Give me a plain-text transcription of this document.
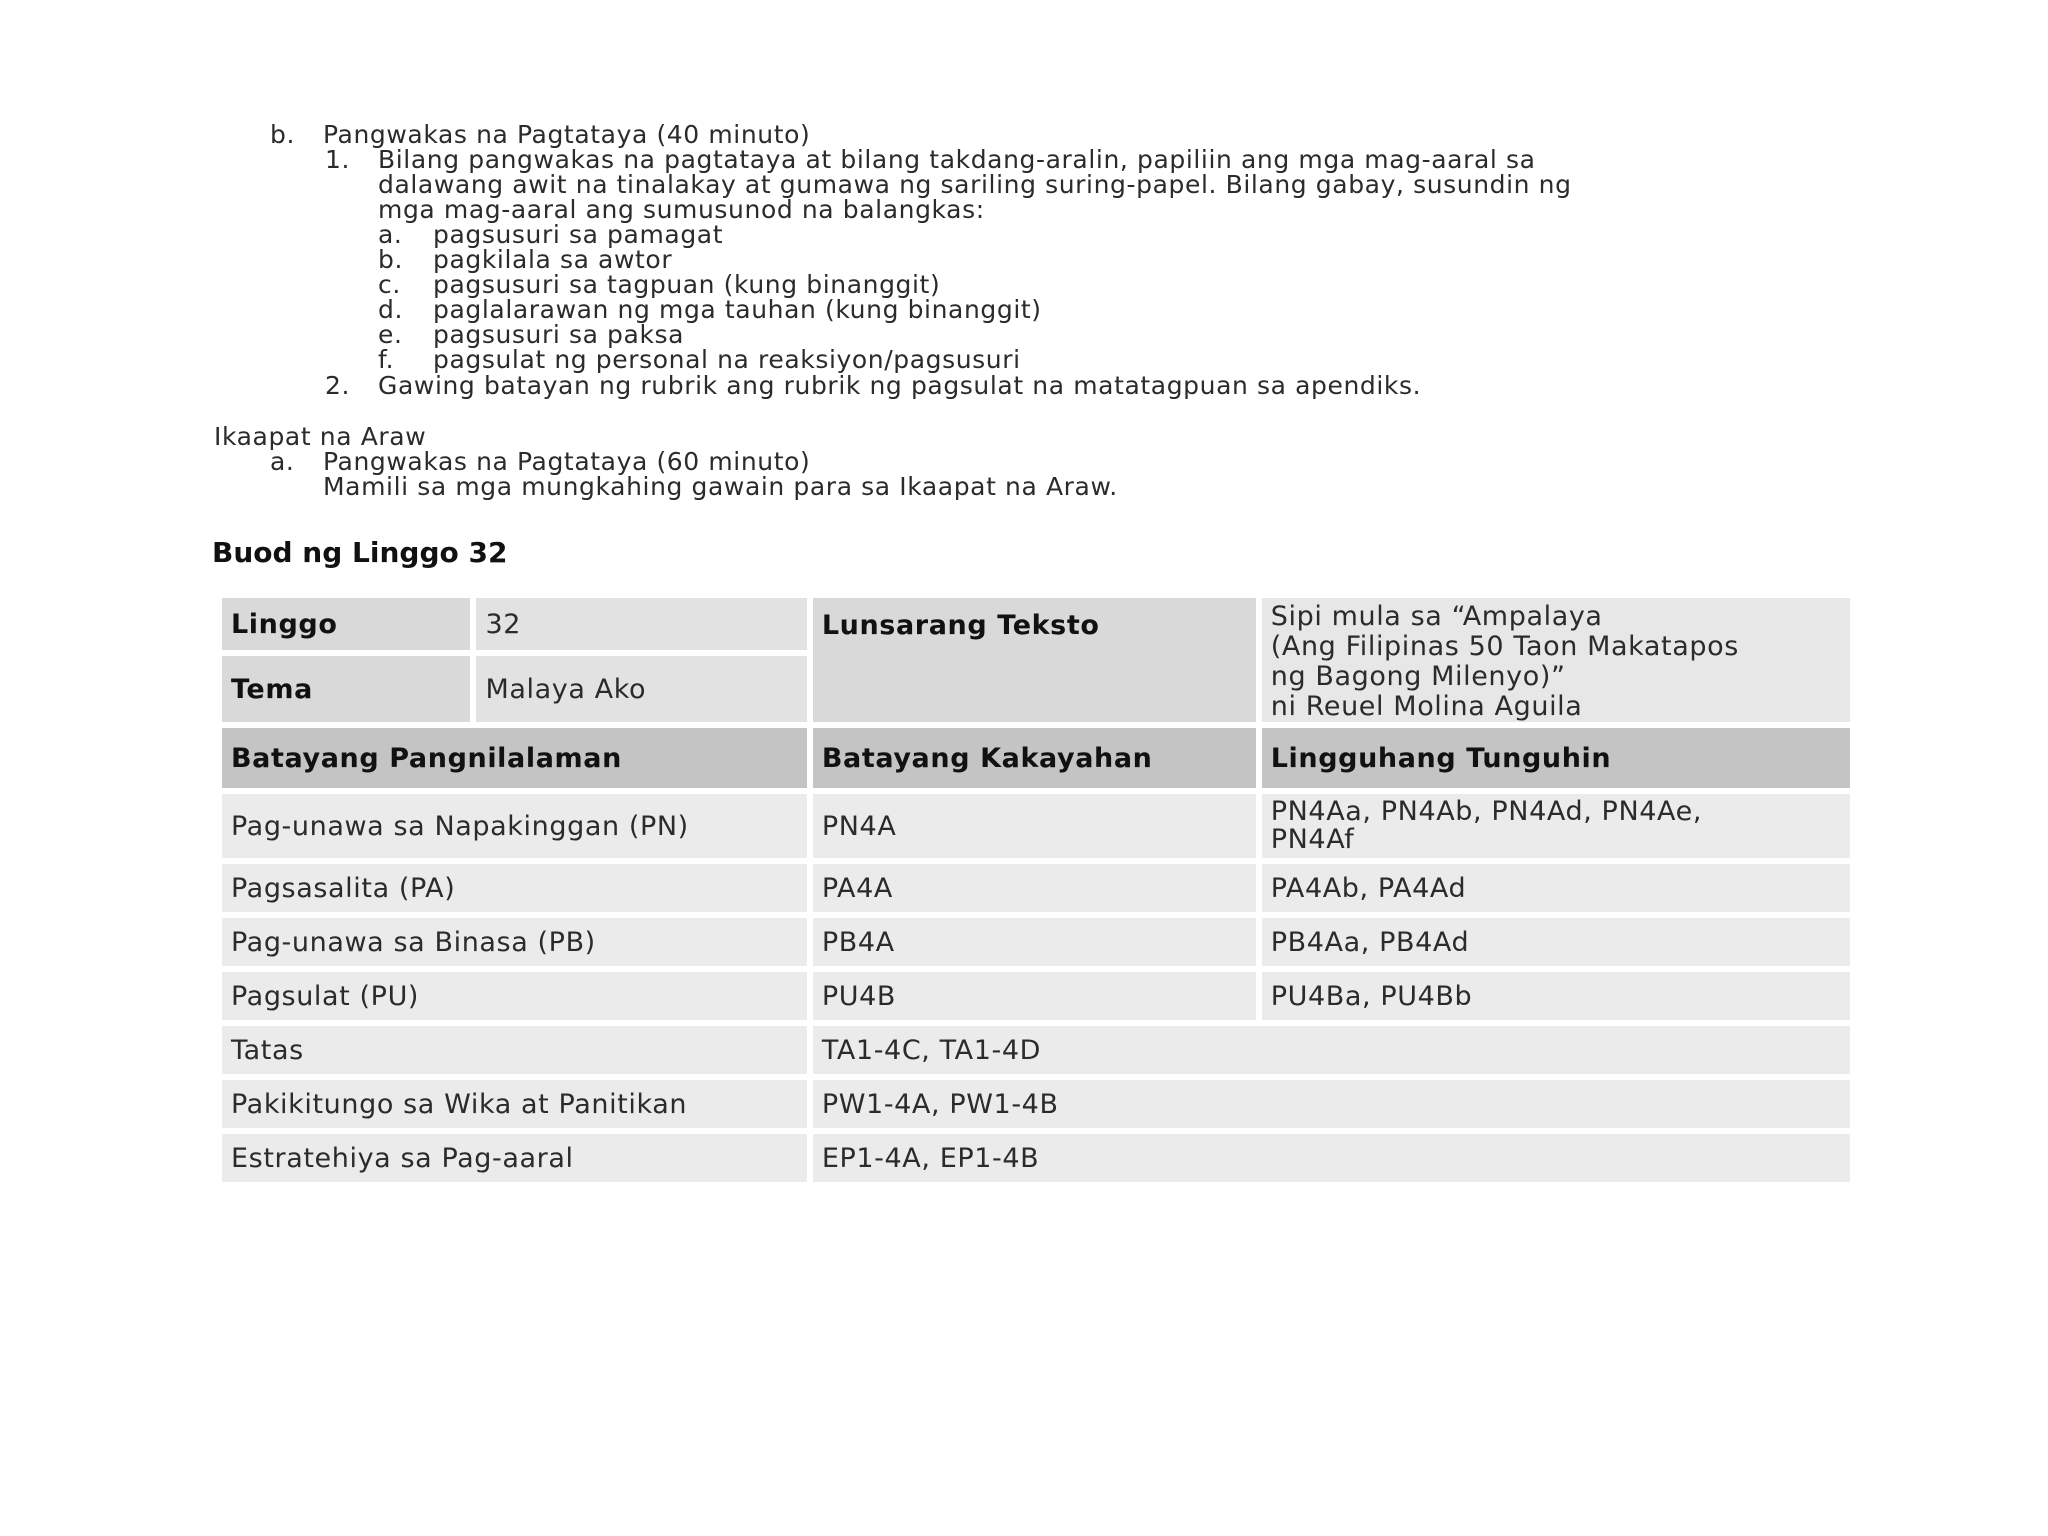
b. Pangwakas na Pagtataya (40 minuto)
1. Bilang pangwakas na pagtataya at bilang takdang-aralin, papiliin ang mga mag-aaral sa
dalawang awit na tinalakay at gumawa ng sariling suring-papel. Bilang gabay, susundin ng
mga mag-aaral ang sumusunod na balangkas:
a. pagsusuri sa pamagat
b. pagkilala sa awtor
c. pagsusuri sa tagpuan (kung binanggit)
d. paglalarawan ng mga tauhan (kung binanggit)
e. pagsusuri sa paksa
f. pagsulat ng personal na reaksiyon/pagsusuri
2. Gawing batayan ng rubrik ang rubrik ng pagsulat na matatagpuan sa apendiks.
Ikaapat na Araw
a. Pangwakas na Pagtataya (60 minuto)
Mamili sa mga mungkahing gawain para sa Ikaapat na Araw.
Buod ng Linggo 32
Linggo	32	Lunsarang Teksto	Sipi mula sa “Ampalaya
(Ang Filipinas 50 Taon Makatapos
ng Bagong Milenyo)”
ni Reuel Molina Aguila

Tema	Malaya Ako		
Batayang Pangnilalaman		Batayang Kakayahan	Lingguhang Tunguhin
Pag-unawa sa Napakinggan (PN)		PN4A	PN4Aa, PN4Ab, PN4Ad, PN4Ae,
PN4Af

Pagsasalita (PA)		PA4A	PA4Ab, PA4Ad
Pag-unawa sa Binasa (PB)		PB4A	PB4Aa, PB4Ad
Pagsulat (PU)		PU4B	PU4Ba, PU4Bb
Tatas		TA1-4C, TA1-4D	
Pakikitungo sa Wika at Panitikan		PW1-4A, PW1-4B	
Estratehiya sa Pag-aaral		EP1-4A, EP1-4B	
